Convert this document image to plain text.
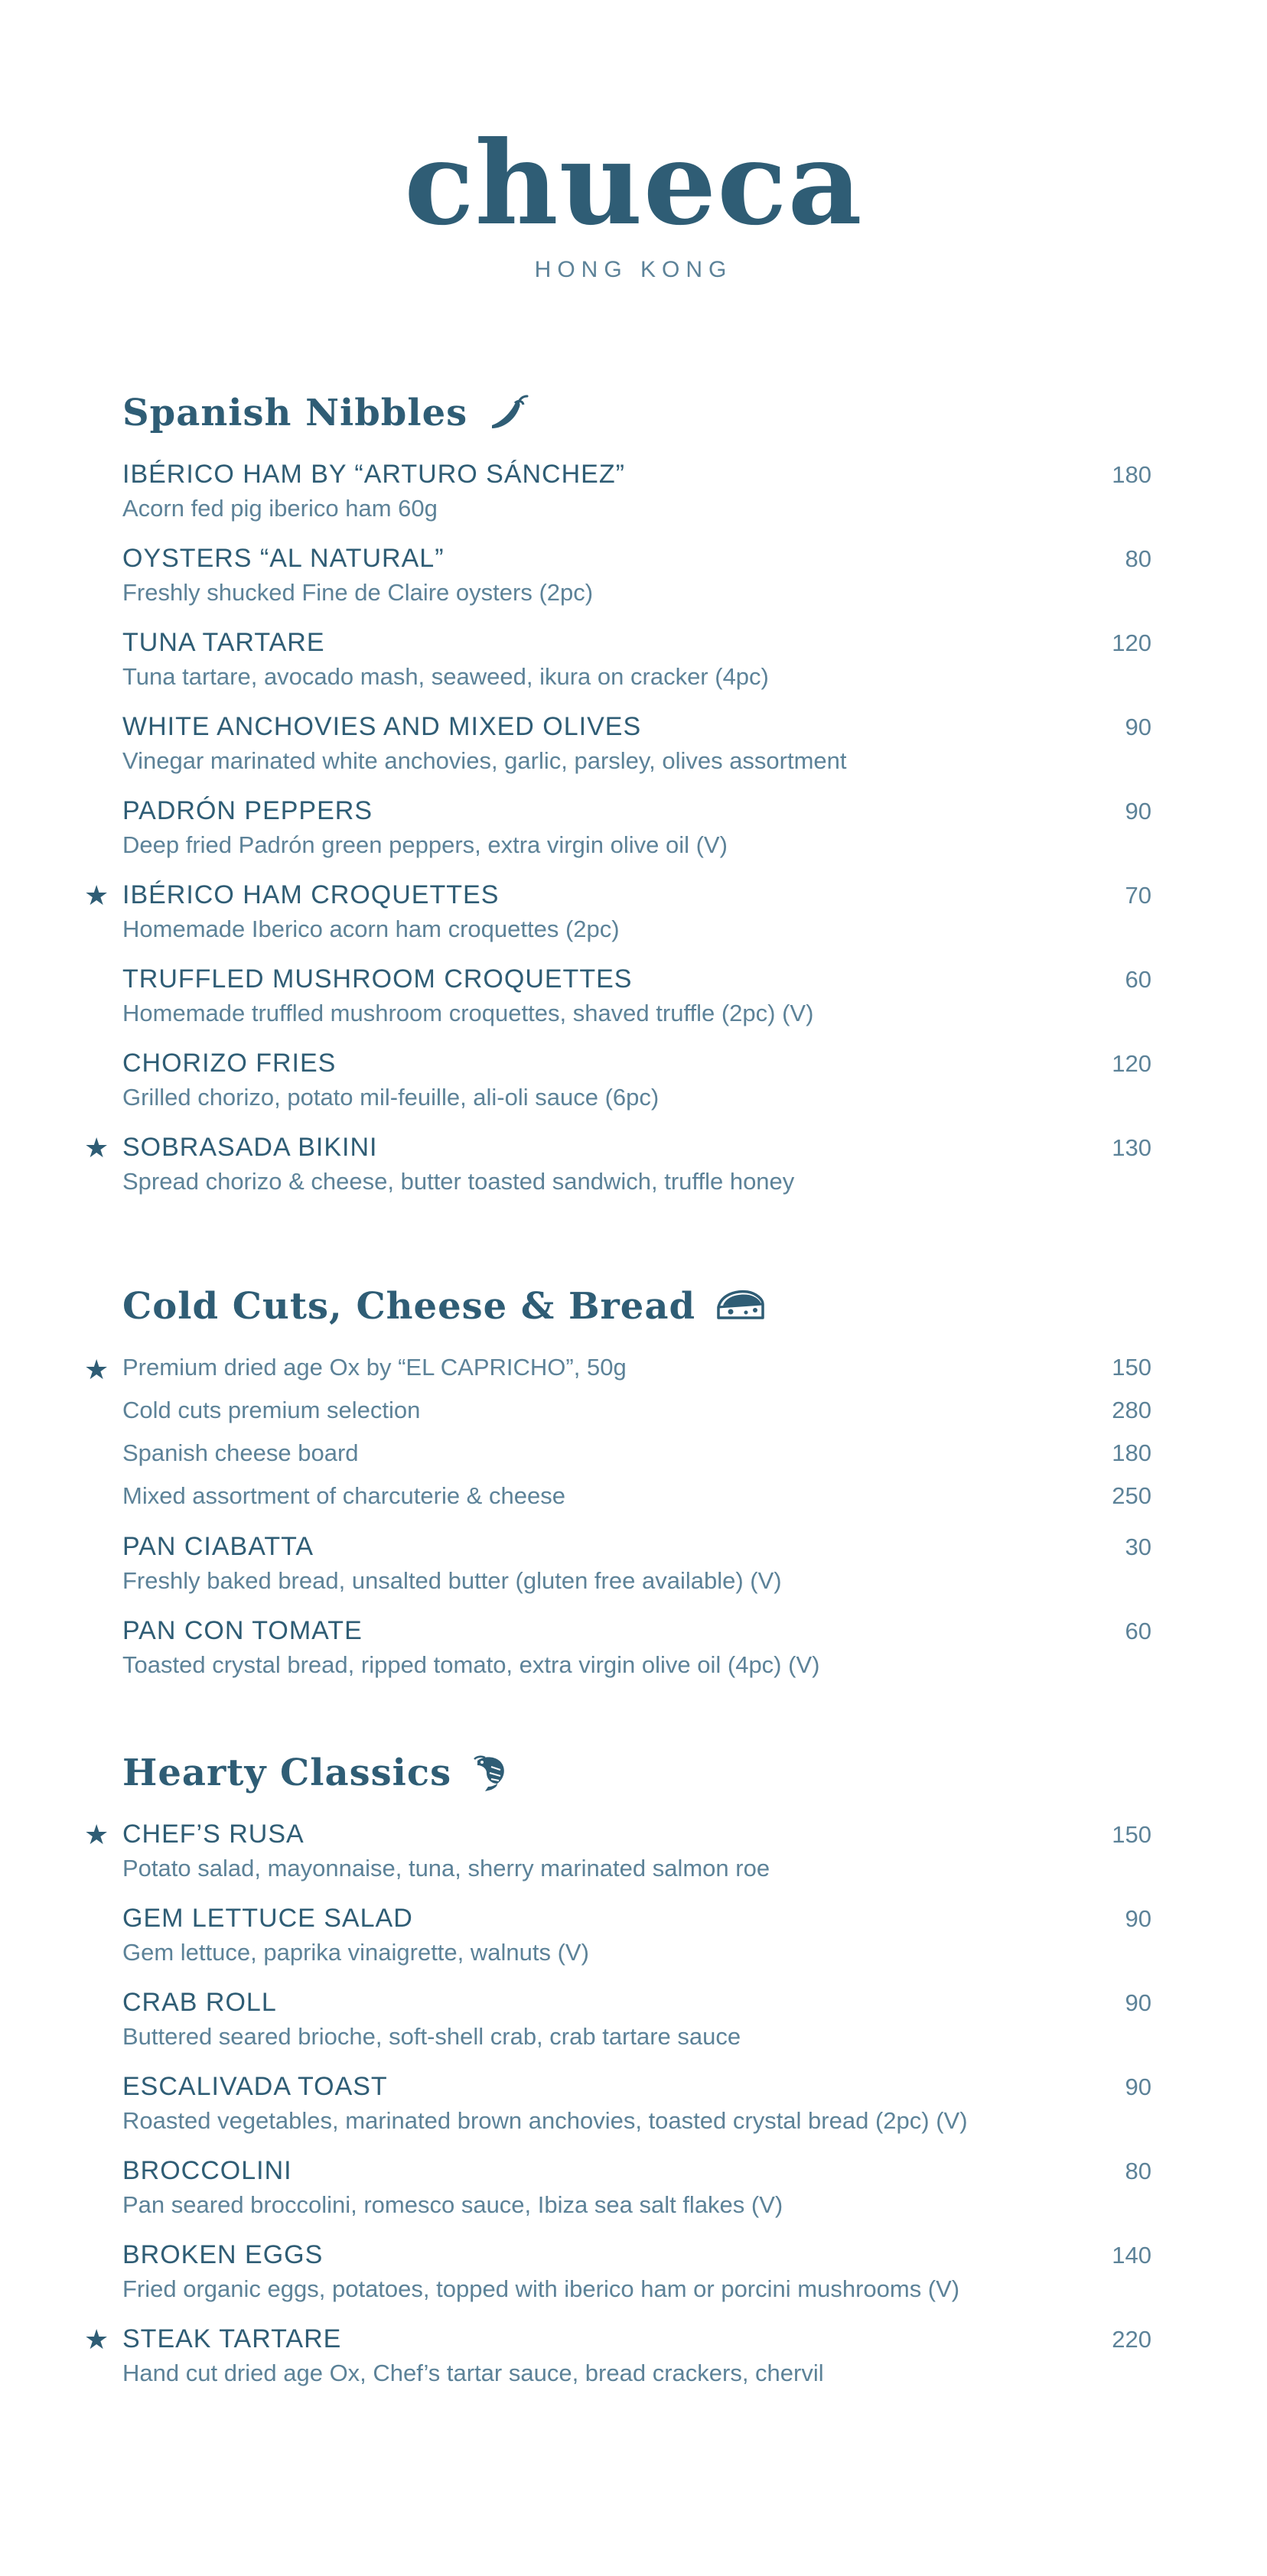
chueca
HONG KONG
Spanish Nibbles
IBÉRICO HAM BY “ARTURO SÁNCHEZ”	180
Acorn fed pig iberico ham 60g
OYSTERS “AL NATURAL”	80
Freshly shucked Fine de Claire oysters (2pc)
TUNA TARTARE	120
Tuna tartare, avocado mash, seaweed, ikura on cracker (4pc)
WHITE ANCHOVIES AND MIXED OLIVES	90
Vinegar marinated white anchovies, garlic, parsley, olives assortment
PADRÓN PEPPERS	90
Deep fried Padrón green peppers, extra virgin olive oil (V)
★ IBÉRICO HAM CROQUETTES	70
Homemade Iberico acorn ham croquettes (2pc)
TRUFFLED MUSHROOM CROQUETTES	60
Homemade truffled mushroom croquettes, shaved truffle (2pc) (V)
CHORIZO FRIES	120
Grilled chorizo, potato mil-feuille, ali-oli sauce (6pc)
★ SOBRASADA BIKINI	130
Spread chorizo & cheese, butter toasted sandwich, truffle honey
Cold Cuts, Cheese & Bread
★ Premium dried age Ox by “EL CAPRICHO”, 50g	150
Cold cuts premium selection	280
Spanish cheese board	180
Mixed assortment of charcuterie & cheese	250
PAN CIABATTA	30
Freshly baked bread, unsalted butter (gluten free available) (V)
PAN CON TOMATE	60
Toasted crystal bread, ripped tomato, extra virgin olive oil (4pc) (V)
Hearty Classics
★ CHEF’S RUSA	150
Potato salad, mayonnaise, tuna, sherry marinated salmon roe
GEM LETTUCE SALAD	90
Gem lettuce, paprika vinaigrette, walnuts (V)
CRAB ROLL	90
Buttered seared brioche, soft-shell crab, crab tartare sauce
ESCALIVADA TOAST	90
Roasted vegetables, marinated brown anchovies, toasted crystal bread (2pc) (V)
BROCCOLINI	80
Pan seared broccolini, romesco sauce, Ibiza sea salt flakes (V)
BROKEN EGGS	140
Fried organic eggs, potatoes, topped with iberico ham or porcini mushrooms (V)
★ STEAK TARTARE	220
Hand cut dried age Ox, Chef’s tartar sauce, bread crackers, chervil
